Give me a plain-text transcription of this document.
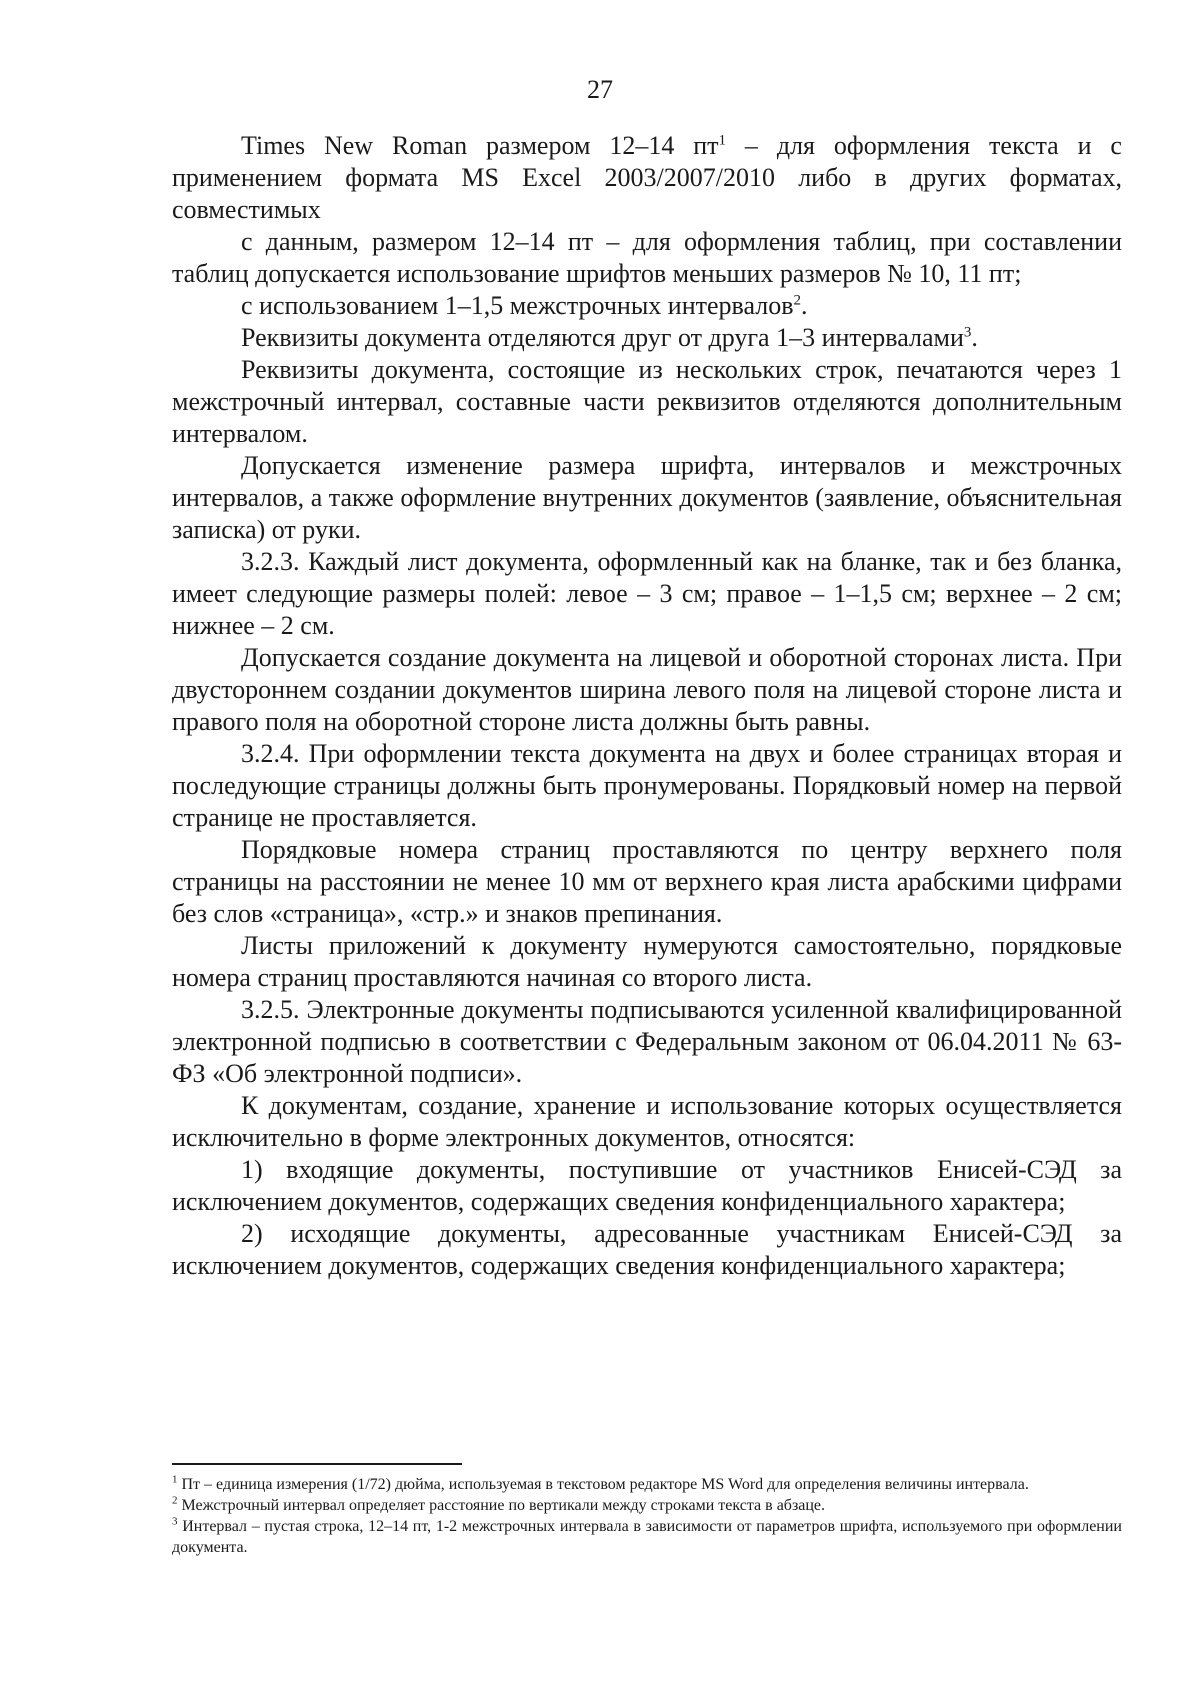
27

Times New Roman размером 12–14 $пт^1$ – для оформления текста и с применением формата MS Excel 2003/2007/2010 либо в других форматах, совместимых

с данным, размером 12–14 пт – для оформления таблиц, при составлении таблиц допускается использование шрифтов меньших размеров № 10, 11 пт;

с использованием 1–1,5 межстрочных интервалов$^2$.

Реквизиты документа отделяются друг от друга 1–3 интервалами$^3$.

Реквизиты документа, состоящие из нескольких строк, печатаются через 1 межстрочный интервал, составные части реквизитов отделяются дополнительным интервалом.

Допускается изменение размера шрифта, интервалов и межстрочных интервалов, а также оформление внутренних документов (заявление, объяснительная записка) от руки.

3.2.3. Каждый лист документа, оформленный как на бланке, так и без бланка, имеет следующие размеры полей: левое – 3 см; правое – 1–1,5 см; верхнее – 2 см; нижнее – 2 см.

Допускается создание документа на лицевой и оборотной сторонах листа. При двустороннем создании документов ширина левого поля на лицевой стороне листа и правого поля на оборотной стороне листа должны быть равны.

3.2.4. При оформлении текста документа на двух и более страницах вторая и последующие страницы должны быть пронумерованы. Порядковый номер на первой странице не проставляется.

Порядковые номера страниц проставляются по центру верхнего поля страницы на расстоянии не менее 10 мм от верхнего края листа арабскими цифрами без слов «страница», «стр.» и знаков препинания.

Листы приложений к документу нумеруются самостоятельно, порядковые номера страниц проставляются начиная со второго листа.

3.2.5. Электронные документы подписываются усиленной квалифицированной электронной подписью в соответствии с Федеральным законом от 06.04.2011 № 63-ФЗ «Об электронной подписи».

К документам, создание, хранение и использование которых осуществляется исключительно в форме электронных документов, относятся:

1) входящие документы, поступившие от участников Енисей-СЭД за исключением документов, содержащих сведения конфиденциального характера;

2) исходящие документы, адресованные участникам Енисей-СЭД за исключением документов, содержащих сведения конфиденциального характера;

$^1$ Пт – единица измерения (1/72) дюйма, используемая в текстовом редакторе MS Word для определения величины интервала.

$^2$ Межстрочный интервал определяет расстояние по вертикали между строками текста в абзаце.

$^3$ Интервал – пустая строка, 12–14 пт, 1-2 межстрочных интервала в зависимости от параметров шрифта, используемого при оформлении документа.
